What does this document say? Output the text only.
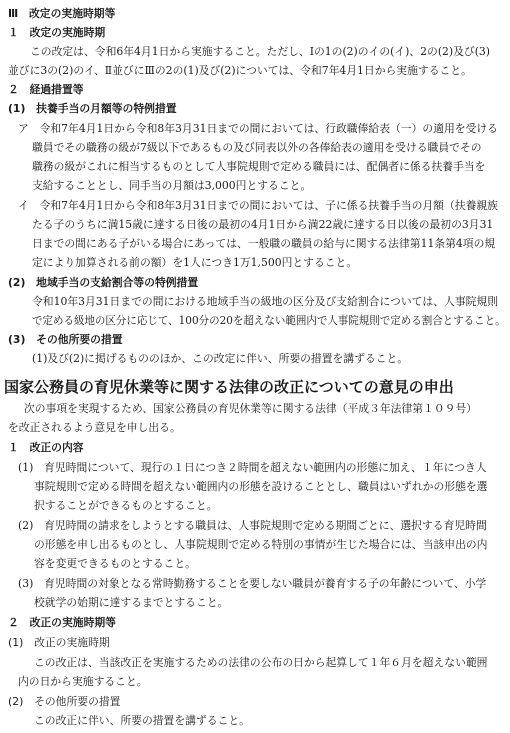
Ⅲ　改定の実施時期等
１　改定の実施時期
この改定は、令和6年4月1日から実施すること。ただし、Ⅰの1の(2)のイの(イ)、2の(2)及び(3)
並びに3の(2)のイ、Ⅱ並びにⅢの2の(1)及び(2)については、令和7年4月1日から実施すること。
２　経過措置等
(1)　扶養手当の月額等の特例措置
ア　令和7年4月1日から令和8年3月31日までの間においては、行政職俸給表（一）の適用を受ける
職員でその職務の級が7級以下であるもの及び同表以外の各俸給表の適用を受ける職員でその
職務の級がこれに相当するものとして人事院規則で定める職員には、配偶者に係る扶養手当を
支給することとし、同手当の月額は3,000円とすること。
イ　令和7年4月1日から令和8年3月31日までの間においては、子に係る扶養手当の月額（扶養親族
たる子のうちに満15歳に達する日後の最初の4月1日から満22歳に達する日以後の最初の3月31
日までの間にある子がいる場合にあっては、一般職の職員の給与に関する法律第11条第4項の規
定により加算される前の額）を1人につき1万1,500円とすること。
(2)　地域手当の支給割合等の特例措置
令和10年3月31日までの間における地域手当の級地の区分及び支給割合については、人事院規則
で定める級地の区分に応じて、100分の20を超えない範囲内で人事院規則で定める割合とすること。
(3)　その他所要の措置
(1)及び(2)に掲げるもののほか、この改定に伴い、所要の措置を講ずること。
国家公務員の育児休業等に関する法律の改正についての意見の申出
次の事項を実現するため、国家公務員の育児休業等に関する法律（平成３年法律第１０９号）
を改正されるよう意見を申し出る。
１　改正の内容
(1)　育児時間について、現行の１日につき２時間を超えない範囲内の形態に加え、１年につき人
事院規則で定める時間を超えない範囲内の形態を設けることとし、職員はいずれかの形態を選
択することができるものとすること。
(2)　育児時間の請求をしようとする職員は、人事院規則で定める期間ごとに、選択する育児時間
の形態を申し出るものとし、人事院規則で定める特別の事情が生じた場合には、当該申出の内
容を変更できるものとすること。
(3)　育児時間の対象となる常時勤務することを要しない職員が養育する子の年齢について、小学
校就学の始期に達するまでとすること。
２　改正の実施時期等
(1)　改正の実施時期
この改正は、当該改正を実施するための法律の公布の日から起算して１年６月を超えない範囲
内の日から実施すること。
(2)　その他所要の措置
この改正に伴い、所要の措置を講ずること。
